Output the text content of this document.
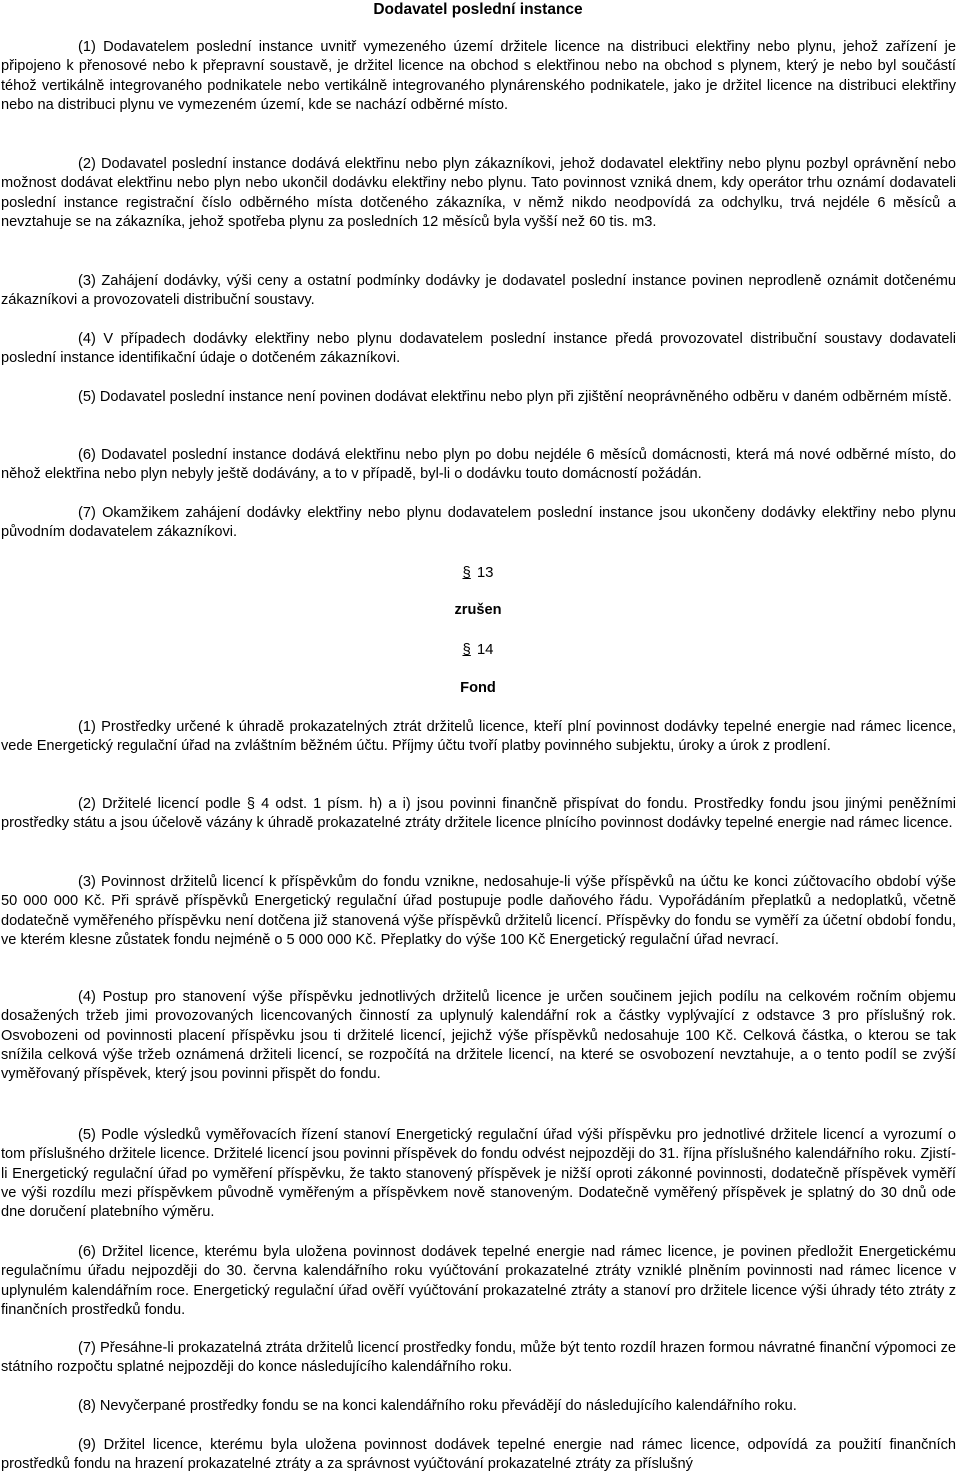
Dodavatel poslední instance

(1) Dodavatelem poslední instance uvnitř vymezeného území držitele licence na distribuci elektřiny nebo plynu, jehož zařízení je připojeno k přenosové nebo k přepravní soustavě, je držitel licence na obchod s elektřinou nebo na obchod s plynem, který je nebo byl součástí téhož vertikálně integrovaného podnikatele nebo vertikálně integrovaného plynárenského podnikatele, jako je držitel licence na distribuci elektřiny nebo na distribuci plynu ve vymezeném území, kde se nachází odběrné místo.

(2) Dodavatel poslední instance dodává elektřinu nebo plyn zákazníkovi, jehož dodavatel elektřiny nebo plynu pozbyl oprávnění nebo možnost dodávat elektřinu nebo plyn nebo ukončil dodávku elektřiny nebo plynu. Tato povinnost vzniká dnem, kdy operátor trhu oznámí dodavateli poslední instance registrační číslo odběrného místa dotčeného zákazníka, v němž nikdo neodpovídá za odchylku, trvá nejdéle 6 měsíců a nevztahuje se na zákazníka, jehož spotřeba plynu za posledních 12 měsíců byla vyšší než 60 tis. m3.

(3) Zahájení dodávky, výši ceny a ostatní podmínky dodávky je dodavatel poslední instance povinen neprodleně oznámit dotčenému zákazníkovi a provozovateli distribuční soustavy.

(4) V případech dodávky elektřiny nebo plynu dodavatelem poslední instance předá provozovatel distribuční soustavy dodavateli poslední instance identifikační údaje o dotčeném zákazníkovi.

(5) Dodavatel poslední instance není povinen dodávat elektřinu nebo plyn při zjištění neoprávněného odběru v daném odběrném místě.

(6) Dodavatel poslední instance dodává elektřinu nebo plyn po dobu nejdéle 6 měsíců domácnosti, která má nové odběrné místo, do něhož elektřina nebo plyn nebyly ještě dodávány, a to v případě, byl-li o dodávku touto domácností požádán.

(7) Okamžikem zahájení dodávky elektřiny nebo plynu dodavatelem poslední instance jsou ukončeny dodávky elektřiny nebo plynu původním dodavatelem zákazníkovi.

§ 13

zrušen

§ 14

Fond

(1) Prostředky určené k úhradě prokazatelných ztrát držitelů licence, kteří plní povinnost dodávky tepelné energie nad rámec licence, vede Energetický regulační úřad na zvláštním běžném účtu. Příjmy účtu tvoří platby povinného subjektu, úroky a úrok z prodlení.

(2) Držitelé licencí podle § 4 odst. 1 písm. h) a i) jsou povinni finančně přispívat do fondu. Prostředky fondu jsou jinými peněžními prostředky státu a jsou účelově vázány k úhradě prokazatelné ztráty držitele licence plnícího povinnost dodávky tepelné energie nad rámec licence.

(3) Povinnost držitelů licencí k příspěvkům do fondu vznikne, nedosahuje-li výše příspěvků na účtu ke konci zúčtovacího období výše 50 000 000 Kč. Při správě příspěvků Energetický regulační úřad postupuje podle daňového řádu. Vypořádáním přeplatků a nedoplatků, včetně dodatečně vyměřeného příspěvku není dotčena již stanovená výše příspěvků držitelů licencí. Příspěvky do fondu se vyměří za účetní období fondu, ve kterém klesne zůstatek fondu nejméně o 5 000 000 Kč. Přeplatky do výše 100 Kč Energetický regulační úřad nevrací.

(4) Postup pro stanovení výše příspěvku jednotlivých držitelů licence je určen součinem jejich podílu na celkovém ročním objemu dosažených tržeb jimi provozovaných licencovaných činností za uplynulý kalendářní rok a částky vyplývající z odstavce 3 pro příslušný rok. Osvobozeni od povinnosti placení příspěvku jsou ti držitelé licencí, jejichž výše příspěvků nedosahuje 100 Kč. Celková částka, o kterou se tak snížila celková výše tržeb oznámená držiteli licencí, se rozpočítá na držitele licencí, na které se osvobození nevztahuje, a o tento podíl se zvýší vyměřovaný příspěvek, který jsou povinni přispět do fondu.

(5) Podle výsledků vyměřovacích řízení stanoví Energetický regulační úřad výši příspěvku pro jednotlivé držitele licencí a vyrozumí o tom příslušného držitele licence. Držitelé licencí jsou povinni příspěvek do fondu odvést nejpozději do 31. října příslušného kalendářního roku. Zjistí-li Energetický regulační úřad po vyměření příspěvku, že takto stanovený příspěvek je nižší oproti zákonné povinnosti, dodatečně příspěvek vyměří ve výši rozdílu mezi příspěvkem původně vyměřeným a příspěvkem nově stanoveným. Dodatečně vyměřený příspěvek je splatný do 30 dnů ode dne doručení platebního výměru.

(6) Držitel licence, kterému byla uložena povinnost dodávek tepelné energie nad rámec licence, je povinen předložit Energetickému regulačnímu úřadu nejpozději do 30. června kalendářního roku vyúčtování prokazatelné ztráty vzniklé plněním povinnosti nad rámec licence v uplynulém kalendářním roce. Energetický regulační úřad ověří vyúčtování prokazatelné ztráty a stanoví pro držitele licence výši úhrady této ztráty z finančních prostředků fondu.

(7) Přesáhne-li prokazatelná ztráta držitelů licencí prostředky fondu, může být tento rozdíl hrazen formou návratné finanční výpomoci ze státního rozpočtu splatné nejpozději do konce následujícího kalendářního roku.

(8) Nevyčerpané prostředky fondu se na konci kalendářního roku převádějí do následujícího kalendářního roku.

(9) Držitel licence, kterému byla uložena povinnost dodávek tepelné energie nad rámec licence, odpovídá za použití finančních prostředků fondu na hrazení prokazatelné ztráty a za správnost vyúčtování prokazatelné ztráty za příslušný
